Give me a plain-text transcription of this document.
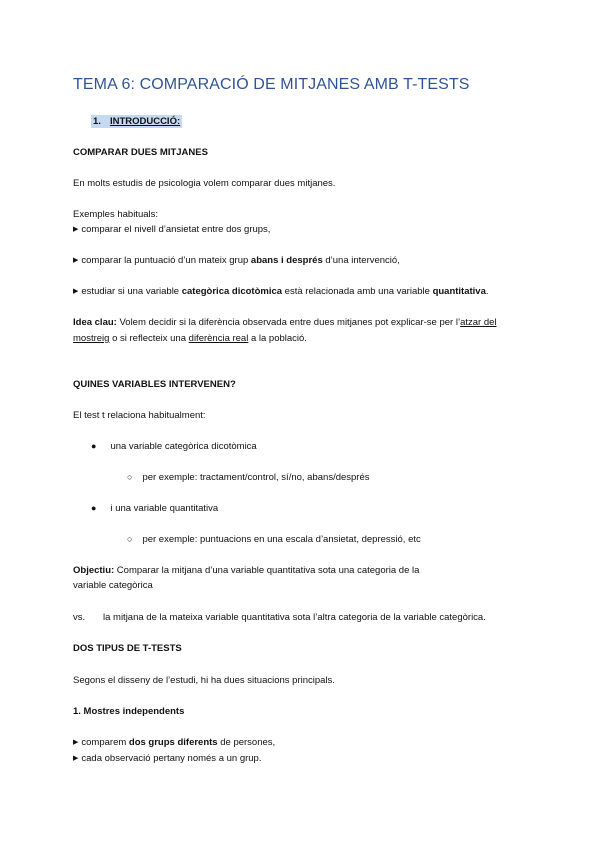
TEMA 6: COMPARACIÓ DE MITJANES AMB T-TESTS
1. INTRODUCCIÓ:
COMPARAR DUES MITJANES
En molts estudis de psicologia volem comparar dues mitjanes.
Exemples habituals:
▶ comparar el nivell d’ansietat entre dos grups,
▶ comparar la puntuació d’un mateix grup abans i després d’una intervenció,
▶ estudiar si una variable categòrica dicotòmica està relacionada amb una variable quantitativa.
Idea clau: Volem decidir si la diferència observada entre dues mitjanes pot explicar-se per l’atzar del
mostreig o si reflecteix una diferència real a la població.
QUINES VARIABLES INTERVENEN?
El test t relaciona habitualment:
● una variable categòrica dicotòmica
○ per exemple: tractament/control, sí/no, abans/després
● i una variable quantitativa
○ per exemple: puntuacions en una escala d’ansietat, depressió, etc
Objectiu: Comparar la mitjana d’una variable quantitativa sota una categoria de la
variable categòrica
vs. la mitjana de la mateixa variable quantitativa sota l’altra categoria de la variable categòrica.
DOS TIPUS DE T-TESTS
Segons el disseny de l’estudi, hi ha dues situacions principals.
1. Mostres independents
▶ comparem dos grups diferents de persones,
▶ cada observació pertany només a un grup.
